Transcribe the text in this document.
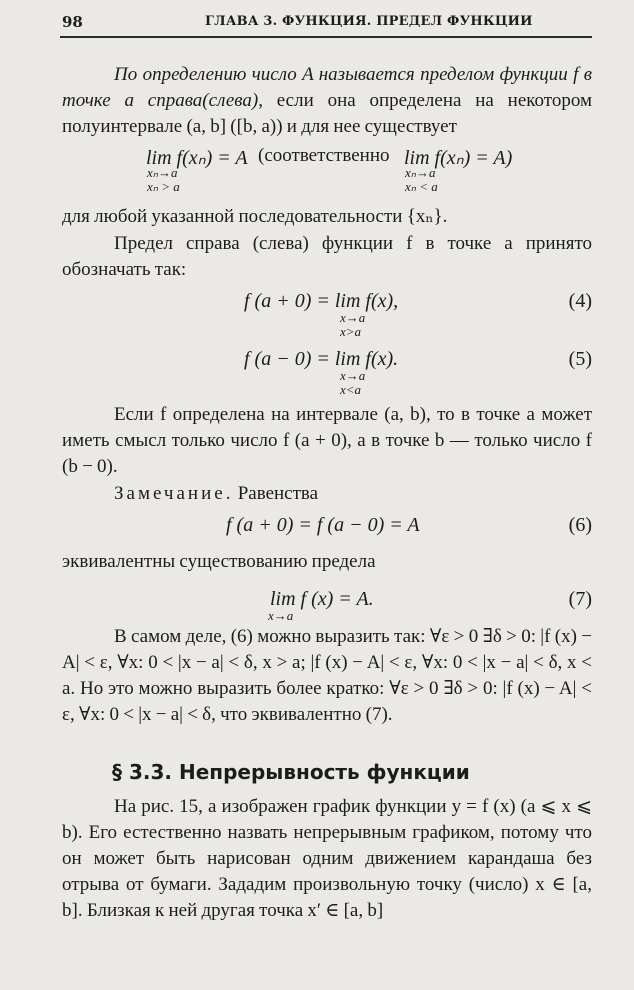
98	ГЛАВА 3. ФУНКЦИЯ. ПРЕДЕЛ ФУНКЦИИ
По определению число A называется пределом функции f в точке a справа(слева), если она определена на некотором полуинтервале (a, b] ([b, a)) и для нее существует
lim f(xₙ) = A
xₙ→a
xₙ > a
(соответственно lim f(xₙ) = A)
xₙ→a
xₙ < a
для любой указанной последовательности {xₙ}.
Предел справа (слева) функции f в точке a принято обозначать так:
f (a + 0) = lim f(x),
x→a
x>a
(4)
f (a − 0) = lim f(x).
x→a
x<a
(5)
Если f определена на интервале (a, b), то в точке a может иметь смысл только число f (a + 0), а в точке b — только число f (b − 0).
Замечание. Равенства
f (a + 0) = f (a − 0) = A	(6)
эквивалентны существованию предела
lim f (x) = A.
x→a
(7)
В самом деле, (6) можно выразить так: ∀ε > 0 ∃δ > 0: |f (x) − A| < ε, ∀x: 0 < |x − a| < δ, x > a; |f (x) − A| < ε, ∀x: 0 < |x − a| < δ, x < a. Но это можно выразить более кратко: ∀ε > 0 ∃δ > 0: |f (x) − A| < ε, ∀x: 0 < |x − a| < δ, что эквивалентно (7).
§ 3.3. Непрерывность функции
На рис. 15, a изображен график функции y = f (x) (a ⩽ x ⩽ b). Его естественно назвать непрерывным графиком, потому что он может быть нарисован одним движением карандаша без отрыва от бумаги. Зададим произвольную точку (число) x ∈ [a, b]. Близкая к ней другая точка x′ ∈ [a, b]
